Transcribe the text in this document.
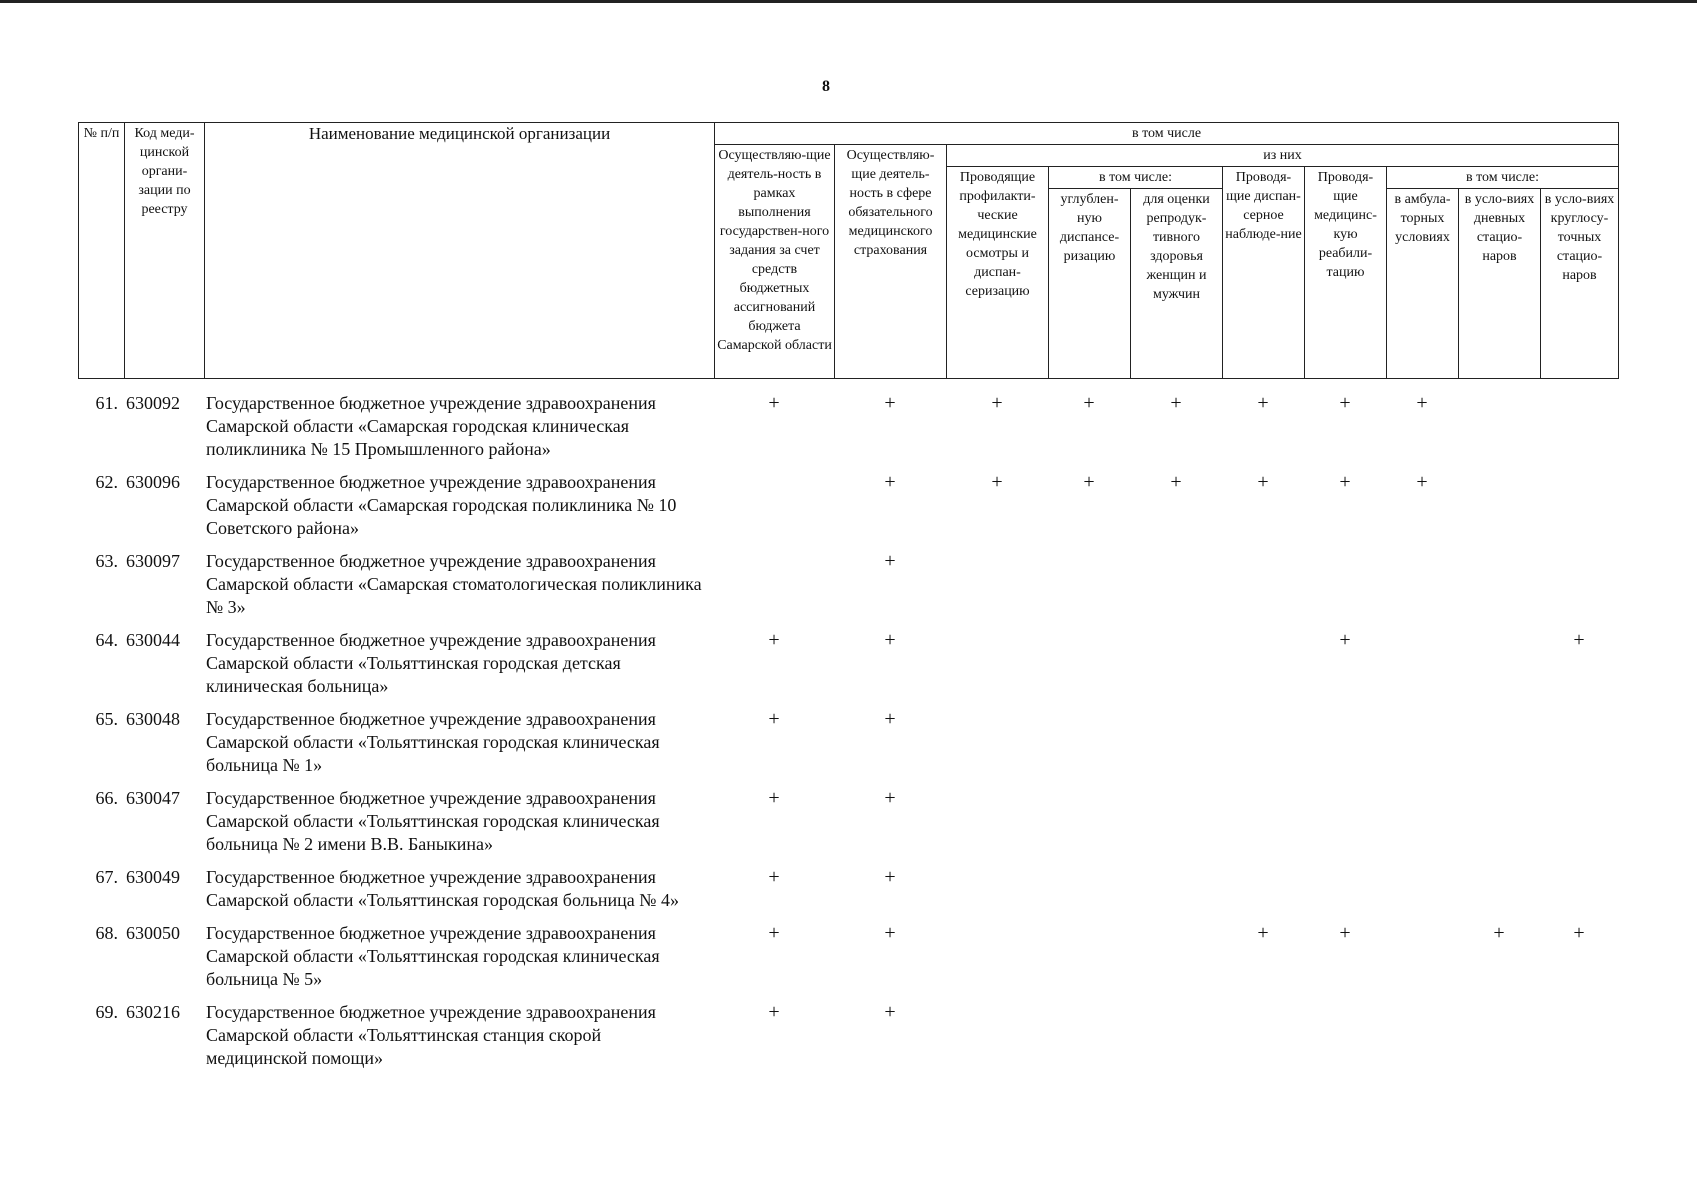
8
№ п/п	Код меди-цинской органи-зации по реестру	Наименование медицинской организации	в том числе									
			Осуществляю-щие деятель-ность в рамках выполнения государствен-ного задания за счет средств бюджетных ассигнований бюджета Самарской области	Осуществляю-щие деятель-ность в сфере обязательного медицинского страхования	из них							
					Проводящие профилакти-ческие медицинские осмотры и диспан-серизацию	в том числе:		Проводя-щие диспан-серное наблюде-ние	Проводя-щие медицинс-кую реабили-тацию	в том числе:		
						углублен-ную диспансе-ризацию	для оценки репродук-тивного здоровья женщин и мужчин			в амбула-торных условиях	в усло-виях дневных стацио-наров	в усло-виях круглосу-точных стацио-наров
61.	630092	Государственное бюджетное учреждение здравоохранения Самарской области «Самарская городская клиническая поликлиника № 15 Промышленного района»	+	+	+	+	+	+	+	+		
62.	630096	Государственное бюджетное учреждение здравоохранения Самарской области «Самарская городская поликлиника № 10 Советского района»		+	+	+	+	+	+	+		
63.	630097	Государственное бюджетное учреждение здравоохранения Самарской области «Самарская стоматологическая поликлиника № 3»		+								
64.	630044	Государственное бюджетное учреждение здравоохранения Самарской области «Тольяттинская городская детская клиническая больница»	+	+					+			+
65.	630048	Государственное бюджетное учреждение здравоохранения Самарской области «Тольяттинская городская клиническая больница № 1»	+	+								
66.	630047	Государственное бюджетное учреждение здравоохранения Самарской области «Тольяттинская городская клиническая больница № 2 имени В.В. Баныкина»	+	+								
67.	630049	Государственное бюджетное учреждение здравоохранения Самарской области «Тольяттинская городская больница № 4»	+	+								
68.	630050	Государственное бюджетное учреждение здравоохранения Самарской области «Тольяттинская городская клиническая больница № 5»	+	+				+	+		+	+
69.	630216	Государственное бюджетное учреждение здравоохранения Самарской области «Тольяттинская станция скорой медицинской помощи»	+	+								
